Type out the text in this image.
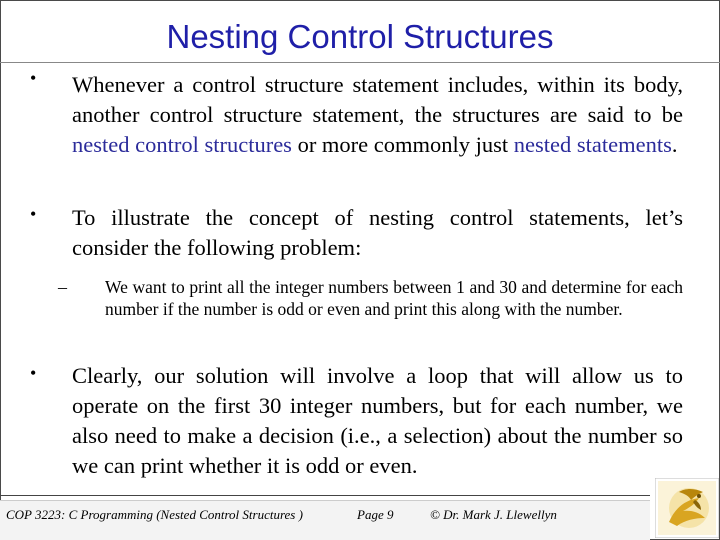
Nesting Control Structures
• Whenever a control structure statement includes, within its body, another control structure statement, the structures are said to be nested control structures or more commonly just nested statements.
• To illustrate the concept of nesting control statements, let’s consider the following problem:
– We want to print all the integer numbers between 1 and 30 and determine for each number if the number is odd or even and print this along with the number.
• Clearly, our solution will involve a loop that will allow us to operate on the first 30 integer numbers, but for each number, we also need to make a decision (i.e., a selection) about the number so we can print whether it is odd or even.
COP 3223: C Programming (Nested Control Structures )	Page 9	© Dr. Mark J. Llewellyn
